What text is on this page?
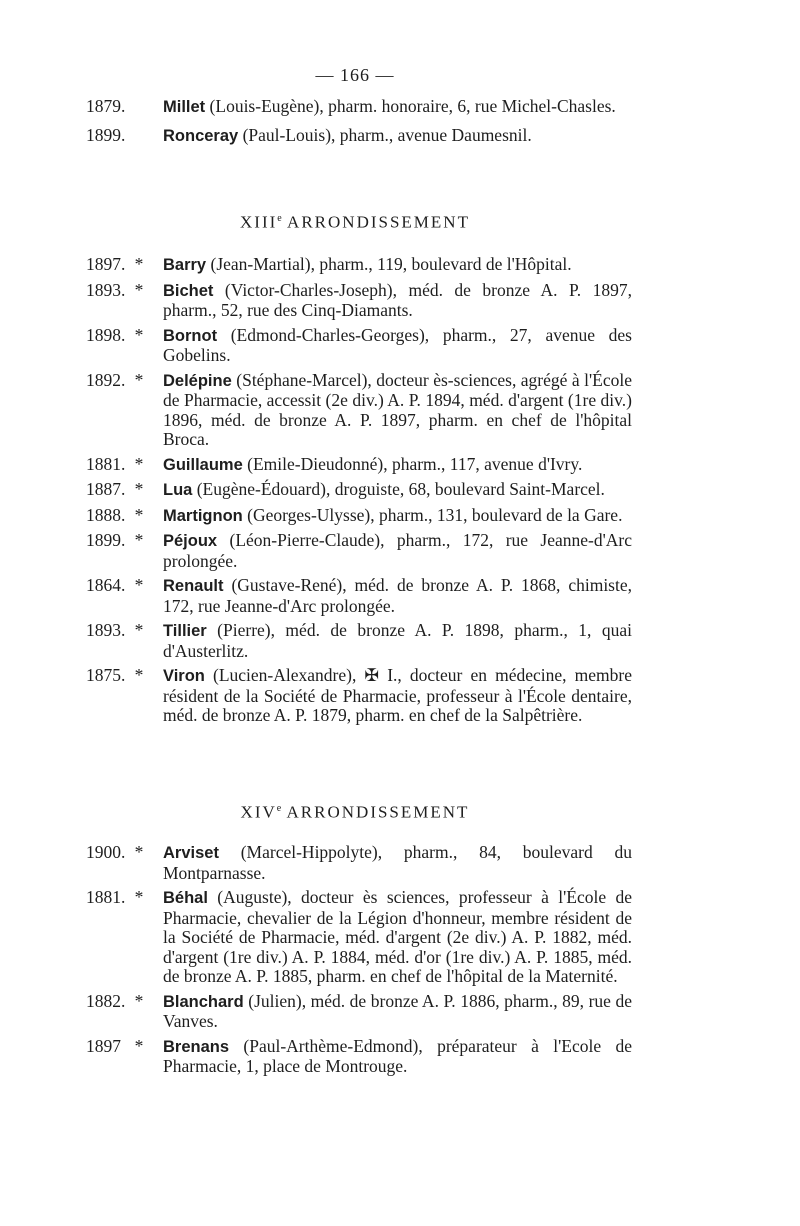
— 166 —
1879.	Millet (Louis-Eugène), pharm. honoraire, 6, rue Michel-Chasles.
1899.	Ronceray (Paul-Louis), pharm., avenue Daumesnil.
XIIIe ARRONDISSEMENT
1897. * Barry (Jean-Martial), pharm., 119, boulevard de l'Hôpital.
1893. * Bichet (Victor-Charles-Joseph), méd. de bronze A. P. 1897, pharm., 52, rue des Cinq-Diamants.
1898. * Bornot (Edmond-Charles-Georges), pharm., 27, avenue des Gobelins.
1892. * Delépine (Stéphane-Marcel), docteur ès-sciences, agrégé à l'École de Pharmacie, accessit (2e div.) A. P. 1894, méd. d'argent (1re div.) 1896, méd. de bronze A. P. 1897, pharm. en chef de l'hôpital Broca.
1881. * Guillaume (Emile-Dieudonné), pharm., 117, avenue d'Ivry.
1887. * Lua (Eugène-Édouard), droguiste, 68, boulevard Saint-Marcel.
1888. * Martignon (Georges-Ulysse), pharm., 131, boulevard de la Gare.
1899. * Péjoux (Léon-Pierre-Claude), pharm., 172, rue Jeanne-d'Arc prolongée.
1864. * Renault (Gustave-René), méd. de bronze A. P. 1868, chimiste, 172, rue Jeanne-d'Arc prolongée.
1893. * Tillier (Pierre), méd. de bronze A. P. 1898, pharm., 1, quai d'Austerlitz.
1875. * Viron (Lucien-Alexandre), ✠ I., docteur en médecine, membre résident de la Société de Pharmacie, professeur à l'École dentaire, méd. de bronze A. P. 1879, pharm. en chef de la Salpêtrière.
XIVe ARRONDISSEMENT
1900. * Arviset (Marcel-Hippolyte), pharm., 84, boulevard du Montparnasse.
1881. * Béhal (Auguste), docteur ès sciences, professeur à l'École de Pharmacie, chevalier de la Légion d'honneur, membre résident de la Société de Pharmacie, méd. d'argent (2e div.) A. P. 1882, méd. d'argent (1re div.) A. P. 1884, méd. d'or (1re div.) A. P. 1885, méd. de bronze A. P. 1885, pharm. en chef de l'hôpital de la Maternité.
1882. * Blanchard (Julien), méd. de bronze A. P. 1886, pharm., 89, rue de Vanves.
1897 * Brenans (Paul-Arthème-Edmond), préparateur à l'Ecole de Pharmacie, 1, place de Montrouge.
